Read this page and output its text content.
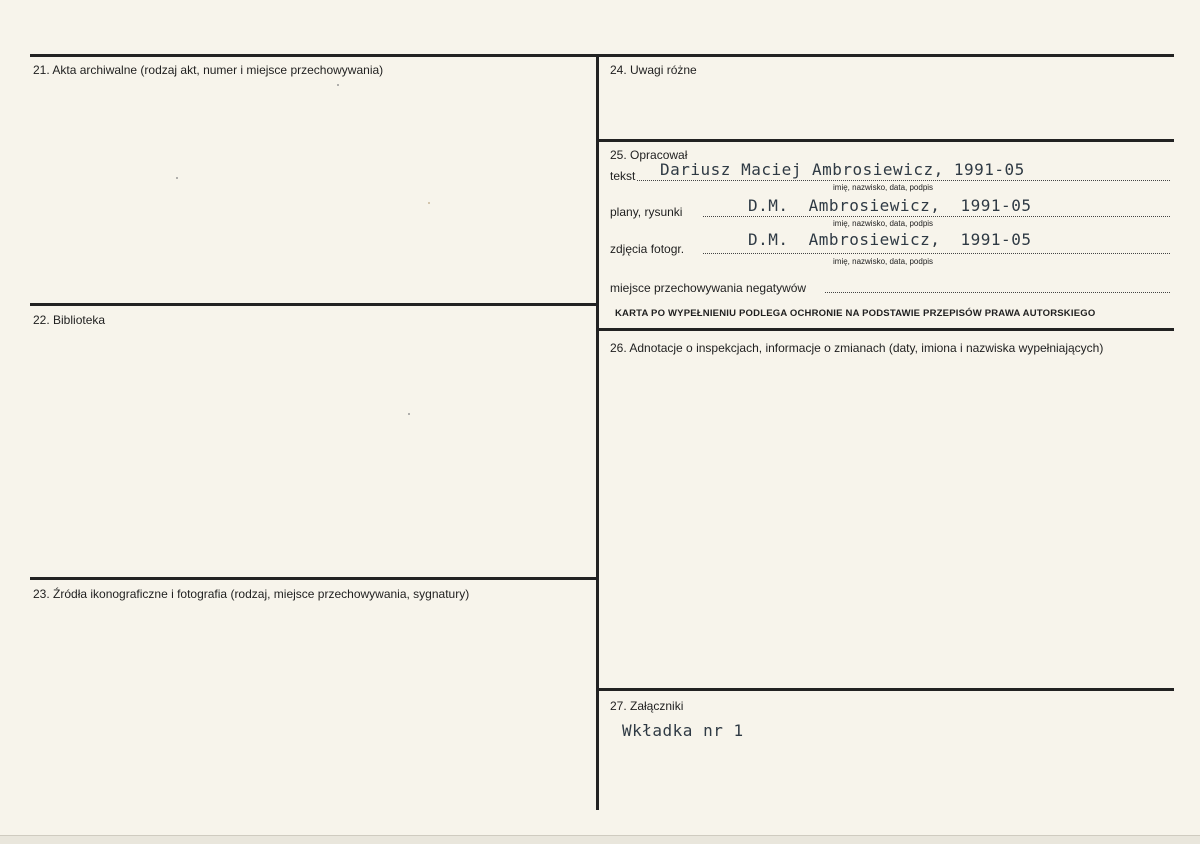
21. Akta archiwalne (rodzaj akt, numer i miejsce przechowywania)
22. Biblioteka
23. Źródła ikonograficzne i fotografia (rodzaj, miejsce przechowywania, sygnatury)
24. Uwagi różne
25. Opracował
tekst Dariusz Maciej Ambrosiewicz, 1991-05
imię, nazwisko, data, podpis
plany, rysunki	D.M. Ambrosiewicz, 1991-05
imię, nazwisko, data, podpis
zdjęcia fotogr.	D.M. Ambrosiewicz, 1991-05
imię, nazwisko, data, podpis
miejsce przechowywania negatywów
KARTA PO WYPEŁNIENIU PODLEGA OCHRONIE NA PODSTAWIE PRZEPISÓW PRAWA AUTORSKIEGO
26. Adnotacje o inspekcjach, informacje o zmianach (daty, imiona i nazwiska wypełniających)
27. Załączniki
Wkładka nr 1
